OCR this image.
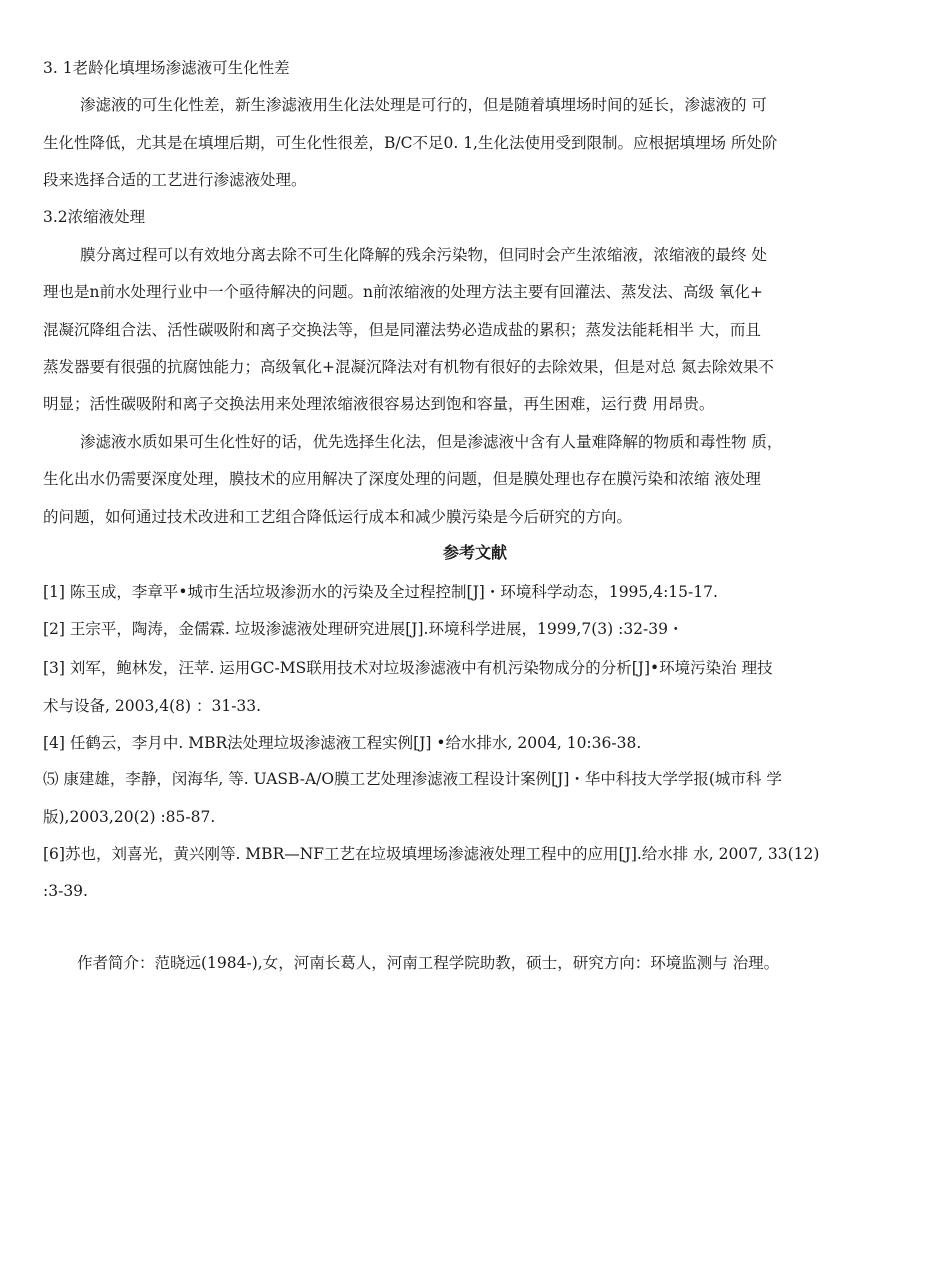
3. 1老龄化填埋场渗滤液可生化性差
渗滤液的可生化性差，新生渗滤液用生化法处理是可行的，但是随着填埋场时间的延长，渗滤液的 可
生化性降低，尤其是在填埋后期，可生化性很差，B/C不足0. 1,生化法使用受到限制。应根据填埋场 所处阶
段来选择合适的工艺进行渗滤液处理。
3.2浓缩液处理
膜分离过程可以有效地分离去除不可生化降解的残余污染物，但同时会产生浓缩液，浓缩液的最终 处
理也是n前水处理行业中一个亟待解决的问题。n前浓缩液的处理方法主要有回灌法、蒸发法、高级 氧化+
混凝沉降组合法、活性碳吸附和离子交换法等，但是同灌法势必造成盐的累积；蒸发法能耗相半 大，而且
蒸发器要有很强的抗腐蚀能力；高级氧化+混凝沉降法对有机物有很好的去除效果，但是对总 氮去除效果不
明显；活性碳吸附和离子交换法用来处理浓缩液很容易达到饱和容量，再生困难，运行费 用昂贵。
渗滤液水质如果可生化性好的话，优先选择生化法，但是渗滤液屮含有人量难降解的物质和毒性物 质，
生化出水仍需要深度处理，膜技术的应用解决了深度处理的问题，但是膜处理也存在膜污染和浓缩 液处理
的问题，如何通过技术改进和工艺组合降低运行成本和减少膜污染是今后研究的方向。
参考文献
[1] 陈玉成，李章平•城市生活垃圾渗沥水的污染及全过程控制[J]・环境科学动态，1995,4:15-17.
[2] 王宗平，陶涛，金儒霖. 垃圾渗滤液处理研究进展[J].环境科学进展，1999,7(3) :32-39・
[3] 刘军，鲍林发，汪苹. 运用GC-MS联用技术对垃圾渗滤液中有机污染物成分的分析[J]•环境污染治 理技
术与设备, 2003,4(8) ：31-33.
[4] 任鹤云，李月中. MBR法处理垃圾渗滤液工程实例[J] •给水排水, 2004, 10:36-38.
⑸ 康建雄，李静，闵海华, 等. UASB-A/O膜工艺处理渗滤液工程设计案例[J]・华中科技大学学报(城市科 学
版),2003,20(2) :85-87.
[6]苏也，刘喜光，黄兴刚等. MBR—NF工艺在垃圾填埋场渗滤液处理工程中的应用[J].给水排 水, 2007, 33(12)
:3-39.
作者简介：范晓远(1984-),女，河南长葛人，河南工程学院助教，硕士，研究方向：环境监测与 治理。
